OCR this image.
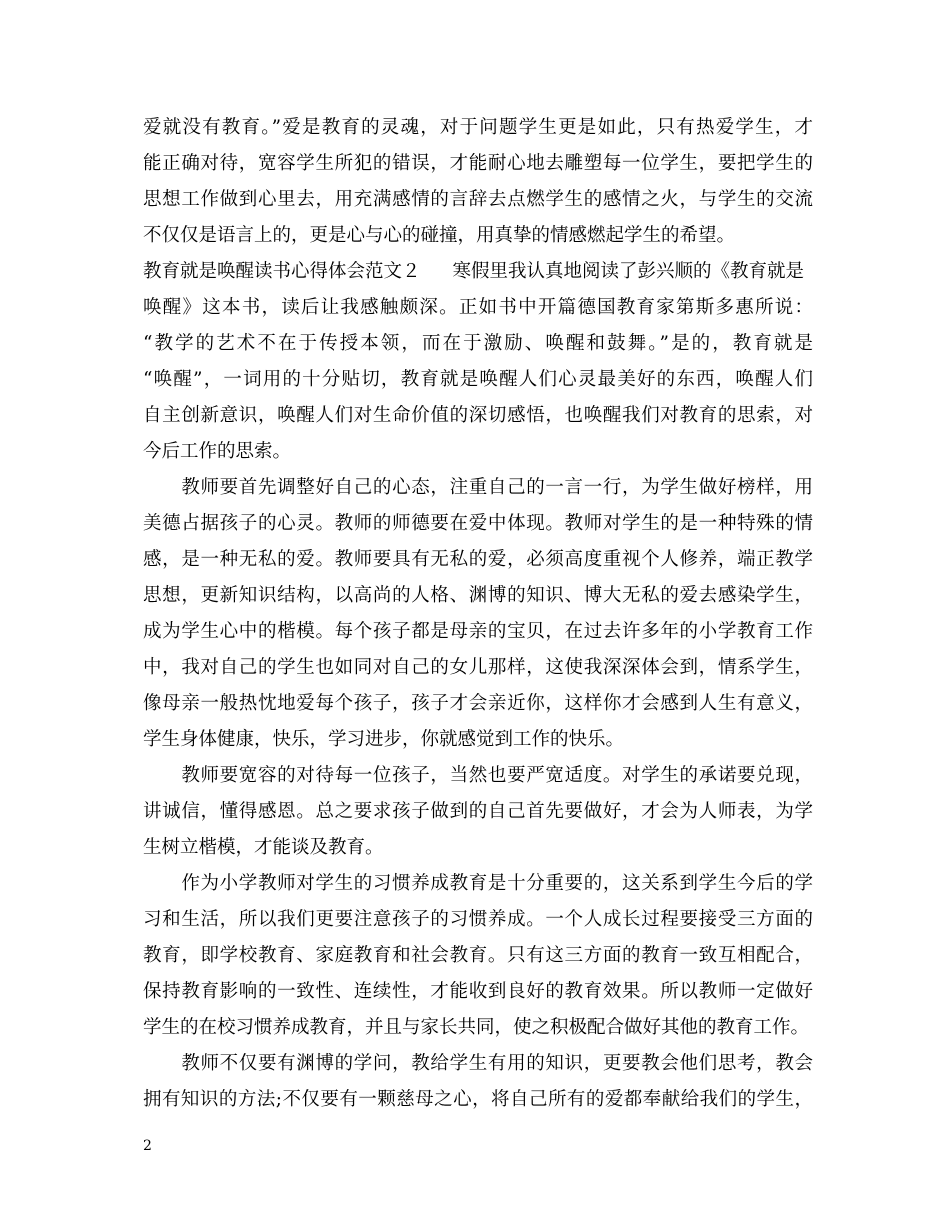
爱就没有教育。”爱是教育的灵魂，对于问题学生更是如此，只有热爱学生，才
能正确对待，宽容学生所犯的错误，才能耐心地去雕塑每一位学生，要把学生的
思想工作做到心里去，用充满感情的言辞去点燃学生的感情之火，与学生的交流
不仅仅是语言上的，更是心与心的碰撞，用真挚的情感燃起学生的希望。
教育就是唤醒读书心得体会范文２ 寒假里我认真地阅读了彭兴顺的《教育就是
唤醒》这本书，读后让我感触颇深。正如书中开篇德国教育家第斯多惠所说：
“教学的艺术不在于传授本领，而在于激励、唤醒和鼓舞。”是的，教育就是
“唤醒”，一词用的十分贴切，教育就是唤醒人们心灵最美好的东西，唤醒人们
自主创新意识，唤醒人们对生命价值的深切感悟，也唤醒我们对教育的思索，对
今后工作的思索。
　　教师要首先调整好自己的心态，注重自己的一言一行，为学生做好榜样，用
美德占据孩子的心灵。教师的师德要在爱中体现。教师对学生的是一种特殊的情
感，是一种无私的爱。教师要具有无私的爱，必须高度重视个人修养，端正教学
思想，更新知识结构，以高尚的人格、渊博的知识、博大无私的爱去感染学生，
成为学生心中的楷模。每个孩子都是母亲的宝贝，在过去许多年的小学教育工作
中，我对自己的学生也如同对自己的女儿那样，这使我深深体会到，情系学生，
像母亲一般热忱地爱每个孩子，孩子才会亲近你，这样你才会感到人生有意义，
学生身体健康，快乐，学习进步，你就感觉到工作的快乐。
　　教师要宽容的对待每一位孩子，当然也要严宽适度。对学生的承诺要兑现，
讲诚信，懂得感恩。总之要求孩子做到的自己首先要做好，才会为人师表，为学
生树立楷模，才能谈及教育。
　　作为小学教师对学生的习惯养成教育是十分重要的，这关系到学生今后的学
习和生活，所以我们更要注意孩子的习惯养成。一个人成长过程要接受三方面的
教育，即学校教育、家庭教育和社会教育。只有这三方面的教育一致互相配合，
保持教育影响的一致性、连续性，才能收到良好的教育效果。所以教师一定做好
学生的在校习惯养成教育，并且与家长共同，使之积极配合做好其他的教育工作。
　　教师不仅要有渊博的学问，教给学生有用的知识，更要教会他们思考，教会
拥有知识的方法;不仅要有一颗慈母之心，将自己所有的爱都奉献给我们的学生，
2
